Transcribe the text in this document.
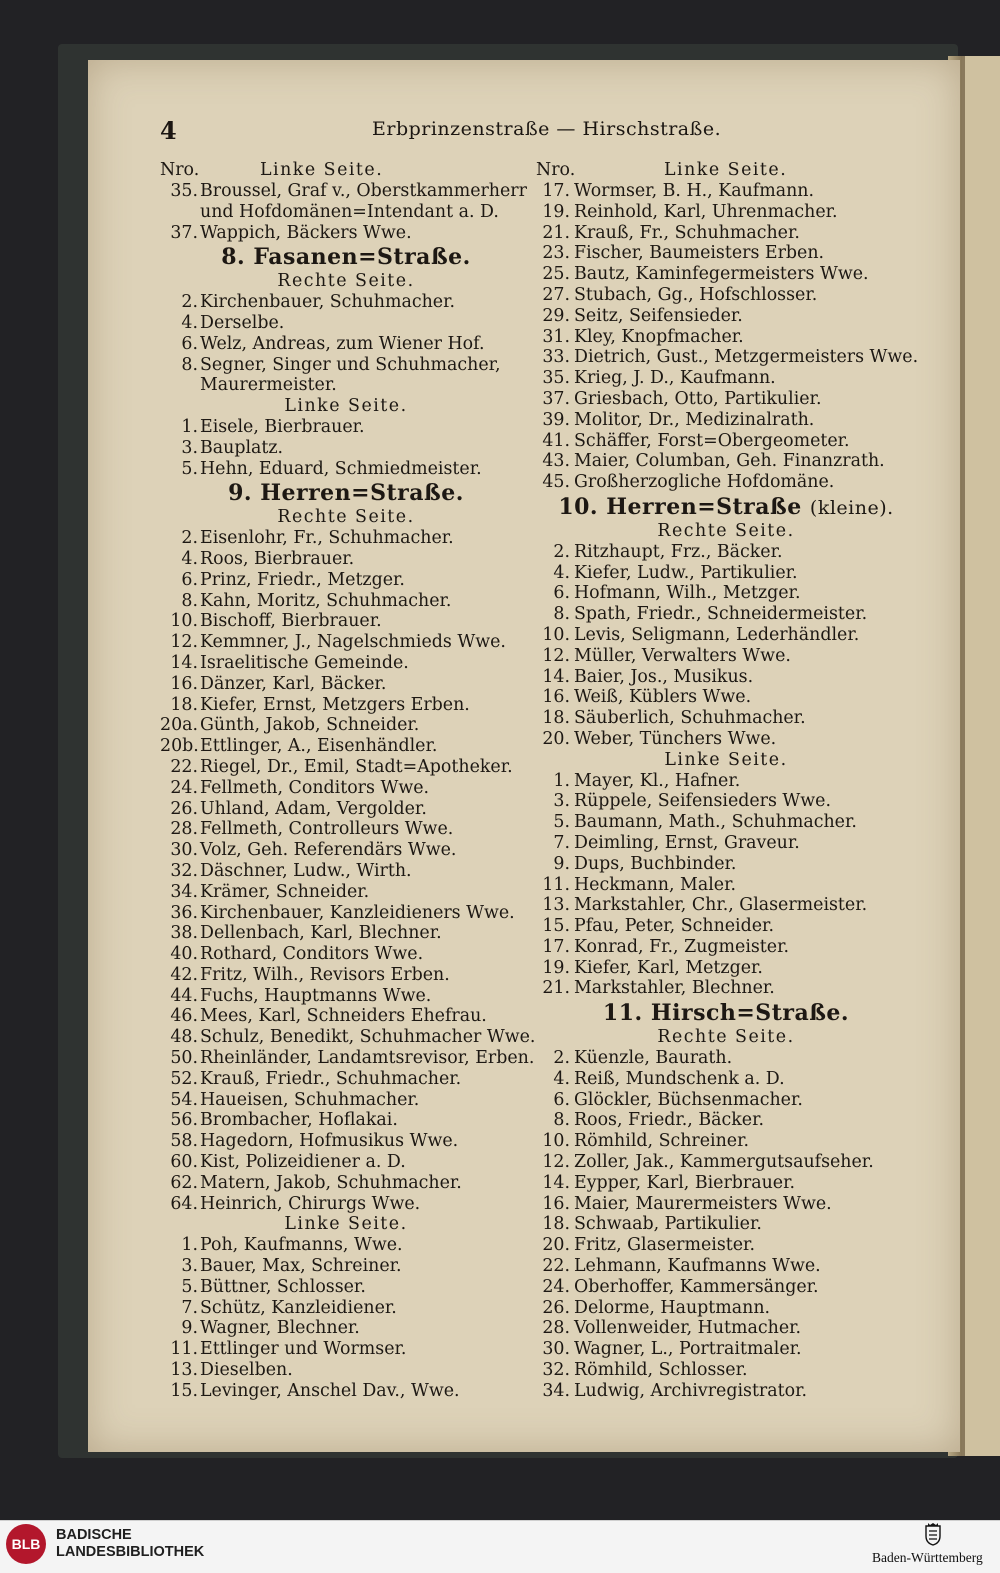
4	Erbprinzenstraße — Hirschstraße.
Nro.	Linke Seite.
35. Broussel, Graf v., Oberstkammerherr und Hofdomänen=Intendant a. D.
37. Wappich, Bäckers Wwe.
8. Fasanen=Straße.
Rechte Seite.
2. Kirchenbauer, Schuhmacher.
4. Derselbe.
6. Welz, Andreas, zum Wiener Hof.
8. Segner, Singer und Schuhmacher, Maurermeister.
Linke Seite.
1. Eisele, Bierbrauer.
3. Bauplatz.
5. Hehn, Eduard, Schmiedmeister.
9. Herren=Straße.
Rechte Seite.
2. Eisenlohr, Fr., Schuhmacher.
4. Roos, Bierbrauer.
6. Prinz, Friedr., Metzger.
8. Kahn, Moritz, Schuhmacher.
10. Bischoff, Bierbrauer.
12. Kemmner, J., Nagelschmieds Wwe.
14. Israelitische Gemeinde.
16. Dänzer, Karl, Bäcker.
18. Kiefer, Ernst, Metzgers Erben.
20a. Günth, Jakob, Schneider.
20b. Ettlinger, A., Eisenhändler.
22. Riegel, Dr., Emil, Stadt=Apotheker.
24. Fellmeth, Conditors Wwe.
26. Uhland, Adam, Vergolder.
28. Fellmeth, Controlleurs Wwe.
30. Volz, Geh. Referendärs Wwe.
32. Däschner, Ludw., Wirth.
34. Krämer, Schneider.
36. Kirchenbauer, Kanzleidieners Wwe.
38. Dellenbach, Karl, Blechner.
40. Rothard, Conditors Wwe.
42. Fritz, Wilh., Revisors Erben.
44. Fuchs, Hauptmanns Wwe.
46. Mees, Karl, Schneiders Ehefrau.
48. Schulz, Benedikt, Schuhmacher Wwe.
50. Rheinländer, Landamtsrevisor, Erben.
52. Krauß, Friedr., Schuhmacher.
54. Haueisen, Schuhmacher.
56. Brombacher, Hoflakai.
58. Hagedorn, Hofmusikus Wwe.
60. Kist, Polizeidiener a. D.
62. Matern, Jakob, Schuhmacher.
64. Heinrich, Chirurgs Wwe.
Linke Seite.
1. Poh, Kaufmanns, Wwe.
3. Bauer, Max, Schreiner.
5. Büttner, Schlosser.
7. Schütz, Kanzleidiener.
9. Wagner, Blechner.
11. Ettlinger und Wormser.
13. Dieselben.
15. Levinger, Anschel Dav., Wwe.
Nro.	Linke Seite.
17. Wormser, B. H., Kaufmann.
19. Reinhold, Karl, Uhrenmacher.
21. Krauß, Fr., Schuhmacher.
23. Fischer, Baumeisters Erben.
25. Bautz, Kaminfegermeisters Wwe.
27. Stubach, Gg., Hofschlosser.
29. Seitz, Seifensieder.
31. Kley, Knopfmacher.
33. Dietrich, Gust., Metzgermeisters Wwe.
35. Krieg, J. D., Kaufmann.
37. Griesbach, Otto, Partikulier.
39. Molitor, Dr., Medizinalrath.
41. Schäffer, Forst=Obergeometer.
43. Maier, Columban, Geh. Finanzrath.
45. Großherzogliche Hofdomäne.
10. Herren=Straße (kleine).
Rechte Seite.
2. Ritzhaupt, Frz., Bäcker.
4. Kiefer, Ludw., Partikulier.
6. Hofmann, Wilh., Metzger.
8. Spath, Friedr., Schneidermeister.
10. Levis, Seligmann, Lederhändler.
12. Müller, Verwalters Wwe.
14. Baier, Jos., Musikus.
16. Weiß, Küblers Wwe.
18. Säuberlich, Schuhmacher.
20. Weber, Tünchers Wwe.
Linke Seite.
1. Mayer, Kl., Hafner.
3. Rüppele, Seifensieders Wwe.
5. Baumann, Math., Schuhmacher.
7. Deimling, Ernst, Graveur.
9. Dups, Buchbinder.
11. Heckmann, Maler.
13. Markstahler, Chr., Glasermeister.
15. Pfau, Peter, Schneider.
17. Konrad, Fr., Zugmeister.
19. Kiefer, Karl, Metzger.
21. Markstahler, Blechner.
11. Hirsch=Straße.
Rechte Seite.
2. Küenzle, Baurath.
4. Reiß, Mundschenk a. D.
6. Glöckler, Büchsenmacher.
8. Roos, Friedr., Bäcker.
10. Römhild, Schreiner.
12. Zoller, Jak., Kammergutsaufseher.
14. Eypper, Karl, Bierbrauer.
16. Maier, Maurermeisters Wwe.
18. Schwaab, Partikulier.
20. Fritz, Glasermeister.
22. Lehmann, Kaufmanns Wwe.
24. Oberhoffer, Kammersänger.
26. Delorme, Hauptmann.
28. Vollenweider, Hutmacher.
30. Wagner, L., Portraitmaler.
32. Römhild, Schlosser.
34. Ludwig, Archivregistrator.
BLB
BADISCHE
LANDESBIBLIOTHEK	Baden-Württemberg
